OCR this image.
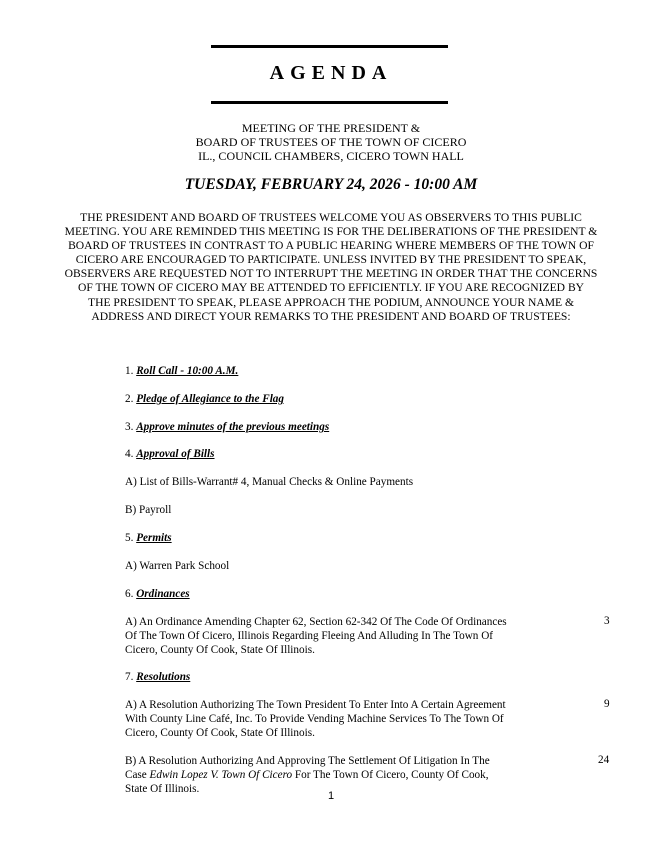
AGENDA
MEETING OF THE PRESIDENT &
BOARD OF TRUSTEES OF THE TOWN OF CICERO
IL., COUNCIL CHAMBERS, CICERO TOWN HALL
TUESDAY, FEBRUARY 24, 2026 - 10:00 AM
THE PRESIDENT AND BOARD OF TRUSTEES WELCOME YOU AS OBSERVERS TO THIS PUBLIC
MEETING. YOU ARE REMINDED THIS MEETING IS FOR THE DELIBERATIONS OF THE PRESIDENT &
BOARD OF TRUSTEES IN CONTRAST TO A PUBLIC HEARING WHERE MEMBERS OF THE TOWN OF
CICERO ARE ENCOURAGED TO PARTICIPATE. UNLESS INVITED BY THE PRESIDENT TO SPEAK,
OBSERVERS ARE REQUESTED NOT TO INTERRUPT THE MEETING IN ORDER THAT THE CONCERNS
OF THE TOWN OF CICERO MAY BE ATTENDED TO EFFICIENTLY. IF YOU ARE RECOGNIZED BY
THE PRESIDENT TO SPEAK, PLEASE APPROACH THE PODIUM, ANNOUNCE YOUR NAME &
ADDRESS AND DIRECT YOUR REMARKS TO THE PRESIDENT AND BOARD OF TRUSTEES:
1. Roll Call - 10:00 A.M.
2. Pledge of Allegiance to the Flag
3. Approve minutes of the previous meetings
4. Approval of Bills
A) List of Bills-Warrant# 4, Manual Checks & Online Payments
B) Payroll
5. Permits
A) Warren Park School
6. Ordinances
A) An Ordinance Amending Chapter 62, Section 62-342 Of The Code Of Ordinances
Of The Town Of Cicero, Illinois Regarding Fleeing And Alluding In The Town Of
Cicero, County Of Cook, State Of Illinois.
3
7. Resolutions
A) A Resolution Authorizing The Town President To Enter Into A Certain Agreement
With County Line Café, Inc. To Provide Vending Machine Services To The Town Of
Cicero, County Of Cook, State Of Illinois.
9
B) A Resolution Authorizing And Approving The Settlement Of Litigation In The
Case Edwin Lopez V. Town Of Cicero For The Town Of Cicero, County Of Cook,
State Of Illinois.
24
1
